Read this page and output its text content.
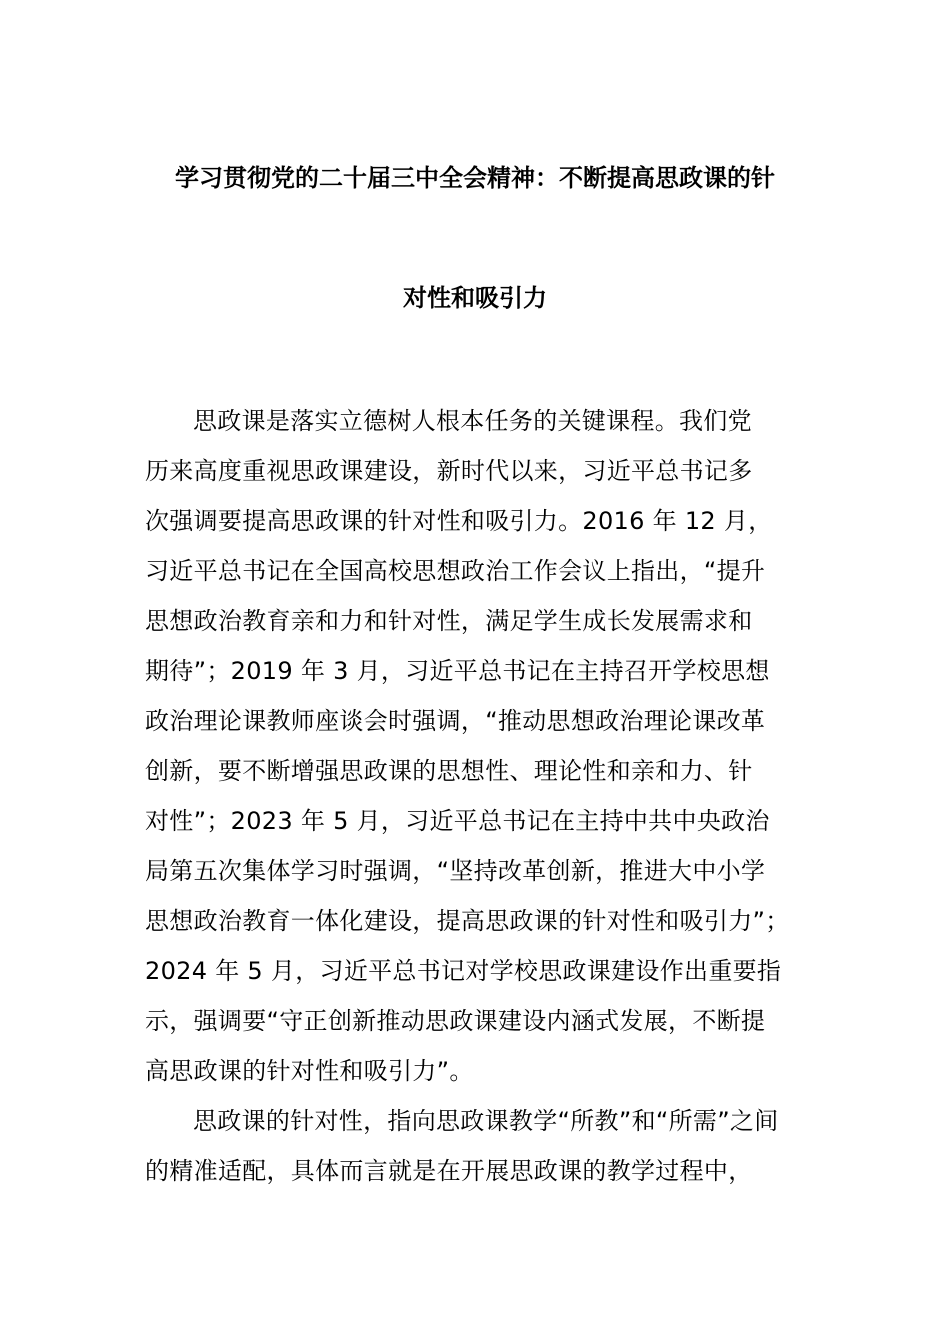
学习贯彻党的二十届三中全会精神：不断提高思政课的针
对性和吸引力
思政课是落实立德树人根本任务的关键课程。我们党
历来高度重视思政课建设，新时代以来，习近平总书记多
次强调要提高思政课的针对性和吸引力。2016 年 12 月，
习近平总书记在全国高校思想政治工作会议上指出，“提升
思想政治教育亲和力和针对性，满足学生成长发展需求和
期待”；2019 年 3 月，习近平总书记在主持召开学校思想
政治理论课教师座谈会时强调，“推动思想政治理论课改革
创新，要不断增强思政课的思想性、理论性和亲和力、针
对性”；2023 年 5 月，习近平总书记在主持中共中央政治
局第五次集体学习时强调，“坚持改革创新，推进大中小学
思想政治教育一体化建设，提高思政课的针对性和吸引力”；
2024 年 5 月，习近平总书记对学校思政课建设作出重要指
示，强调要“守正创新推动思政课建设内涵式发展，不断提
高思政课的针对性和吸引力”。
思政课的针对性，指向思政课教学“所教”和“所需”之间
的精准适配，具体而言就是在开展思政课的教学过程中，
